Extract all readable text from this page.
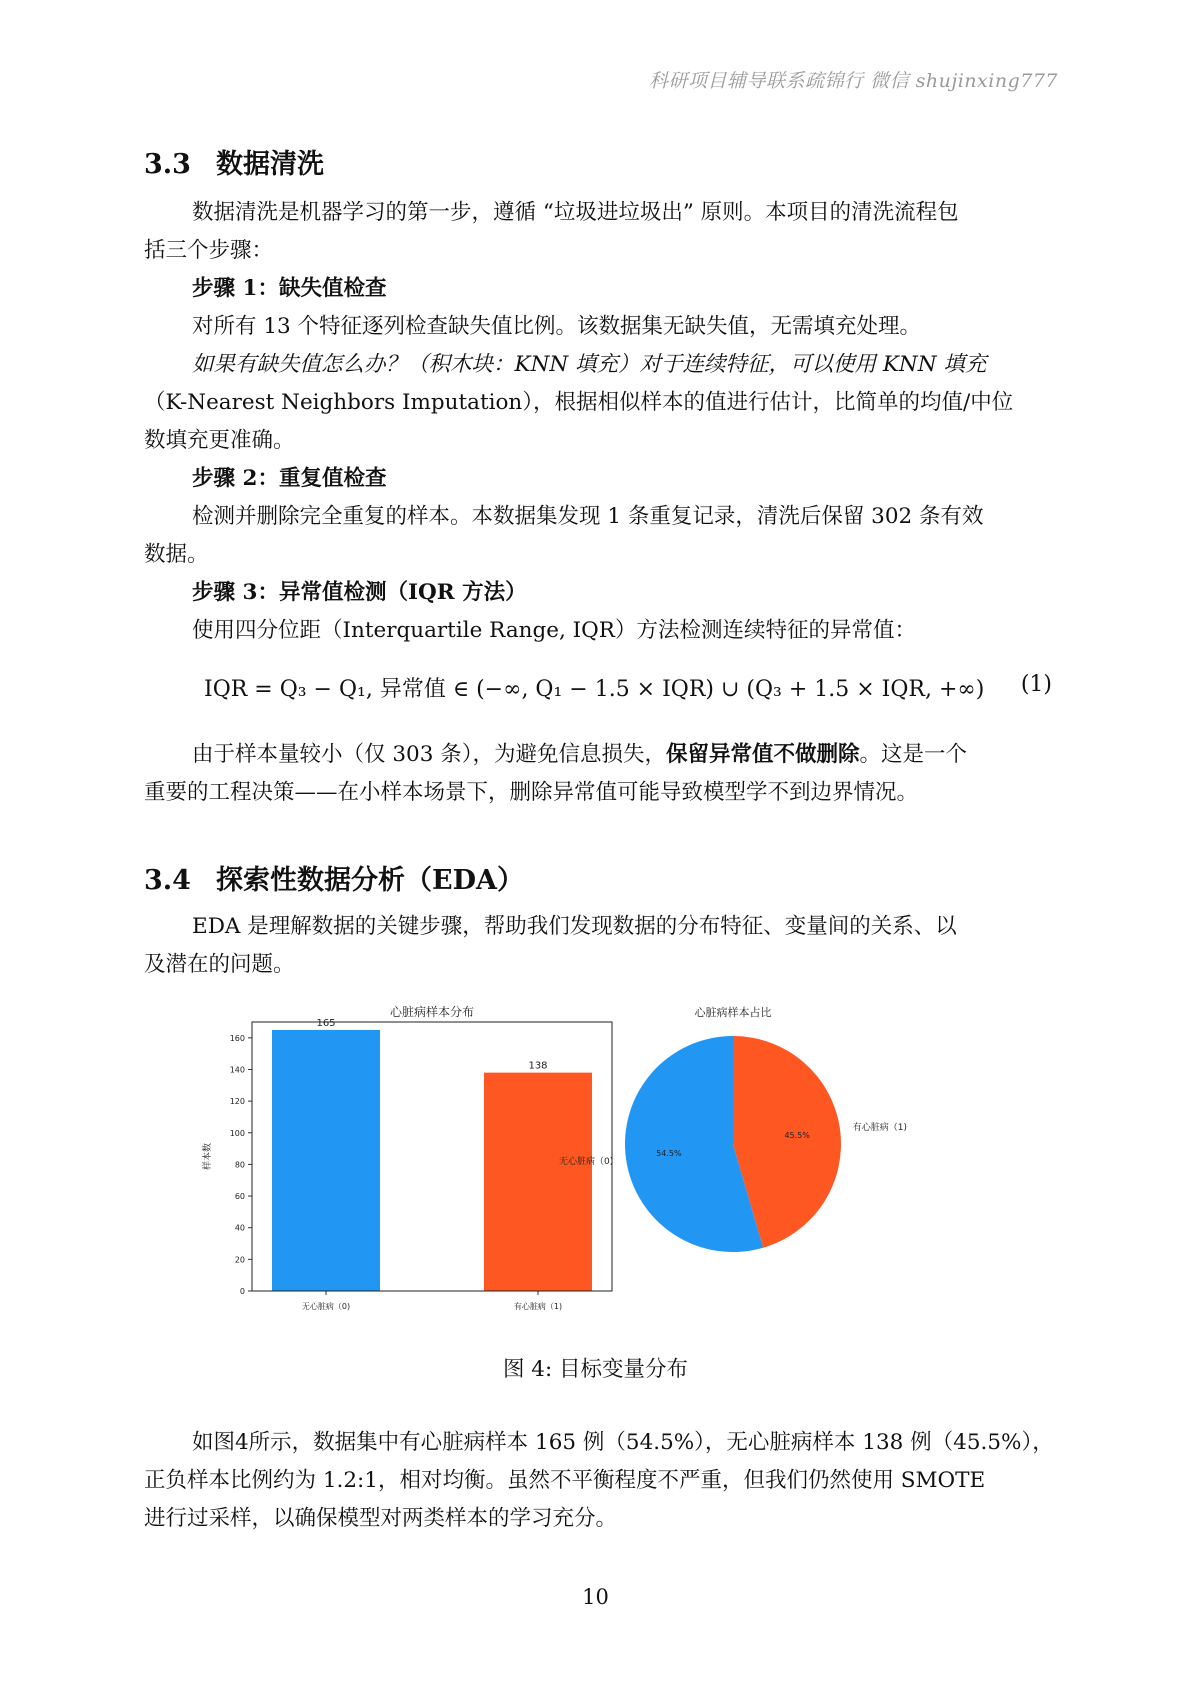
科研项目辅导联系疏锦行 微信 shujinxing777
3.3 数据清洗
数据清洗是机器学习的第一步，遵循 “垃圾进垃圾出” 原则。本项目的清洗流程包
括三个步骤：
步骤 1：缺失值检查
对所有 13 个特征逐列检查缺失值比例。该数据集无缺失值，无需填充处理。
如果有缺失值怎么办？（积木块：KNN 填充）对于连续特征，可以使用 KNN 填充
（K-Nearest Neighbors Imputation），根据相似样本的值进行估计，比简单的均值/中位
数填充更准确。
步骤 2：重复值检查
检测并删除完全重复的样本。本数据集发现 1 条重复记录，清洗后保留 302 条有效
数据。
步骤 3：异常值检测（IQR 方法）
使用四分位距（Interquartile Range, IQR）方法检测连续特征的异常值：
IQR = Q₃ − Q₁, 异常值 ∈ (−∞, Q₁ − 1.5 × IQR) ∪ (Q₃ + 1.5 × IQR, +∞) (1)
由于样本量较小（仅 303 条），为避免信息损失，保留异常值不做删除。这是一个
重要的工程决策——在小样本场景下，删除异常值可能导致模型学不到边界情况。
3.4 探索性数据分析（EDA）
EDA 是理解数据的关键步骤，帮助我们发现数据的分布特征、变量间的关系、以
及潜在的问题。
心脏病样本分布
0
20
40
60
80
100
120
140
160
样本数
165
无心脏病（0)
138
有心脏病（1)
心脏病样本占比
54.5%
无心脏病（0)
45.5%
有心脏病（1)
图 4: 目标变量分布
如图4所示，数据集中有心脏病样本 165 例（54.5%），无心脏病样本 138 例（45.5%），
正负样本比例约为 1.2:1，相对均衡。虽然不平衡程度不严重，但我们仍然使用 SMOTE
进行过采样，以确保模型对两类样本的学习充分。
10
